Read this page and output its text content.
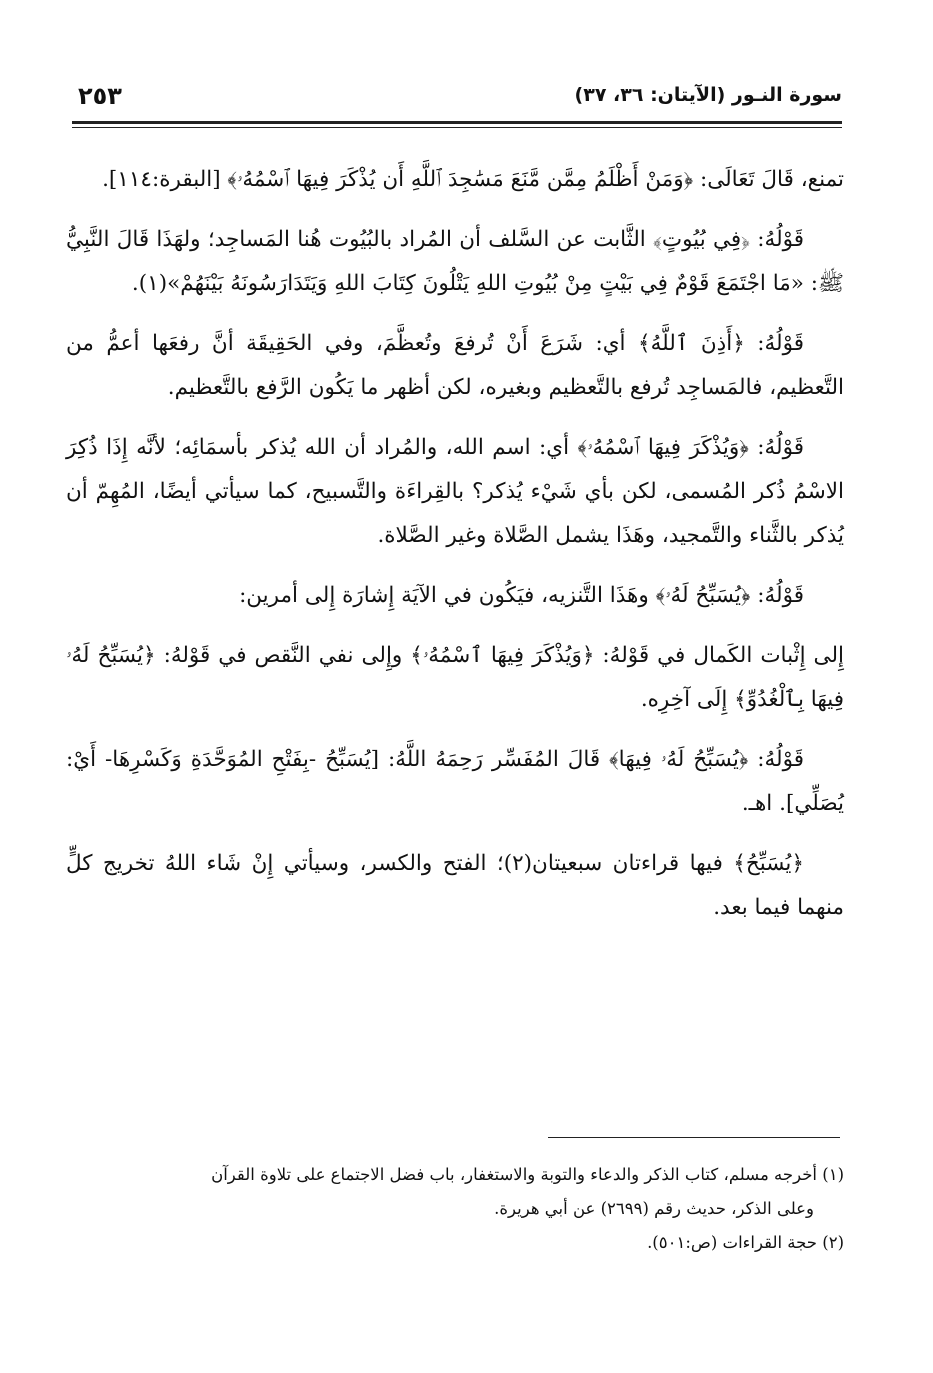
٢٥٣	سورة النـور (الآيتان: ٣٦، ٣٧)

تمنع، قَالَ تَعَالَى: ﴿وَمَنْ أَظْلَمُ مِمَّن مَّنَعَ مَسَٰجِدَ ٱللَّهِ أَن يُذْكَرَ فِيهَا ٱسْمُهُۥ﴾ [البقرة:١١٤].

قَوْلُهُ: ﴿فِي بُيُوتٍ﴾ الثَّابت عن السَّلف أن المُراد بالبُيُوت هُنا المَساجِد؛ ولهَذَا قَالَ النَّبِيُّ ﷺ: «مَا اجْتَمَعَ قَوْمٌ فِي بَيْتٍ مِنْ بُيُوتِ اللهِ يَتْلُونَ كِتَابَ اللهِ وَيَتَدَارَسُونَهُ بَيْنَهُمْ»(١).

قَوْلُهُ: ﴿أَذِنَ ٱللَّهُ﴾ أي: شَرَعَ أَنْ تُرفعَ وتُعظَّمَ، وفي الحَقِيقَة أنَّ رفعَها أعمُّ من التَّعظيم، فالمَساجِد تُرفع بالتَّعظيم وبغيره، لكن أظهر ما يَكُون الرَّفع بالتَّعظيم.

قَوْلُهُ: ﴿وَيُذْكَرَ فِيهَا ٱسْمُهُۥ﴾ أي: اسم الله، والمُراد أن الله يُذكر بأسمَائِه؛ لأنَّه إِذَا ذُكِرَ الاسْمُ ذُكر المُسمى، لكن بأي شَيْء يُذكر؟ بالقِراءَة والتَّسبيح، كما سيأتي أيضًا، المُهِمّ أن يُذكر بالثَّناء والتَّمجيد، وهَذَا يشمل الصَّلاة وغير الصَّلاة.

قَوْلُهُ: ﴿يُسَبِّحُ لَهُۥ﴾ وهَذَا التَّنزيه، فيَكُون في الآيَة إِشارَة إِلى أمرين:

إِلى إِثْبات الكَمال في قَوْلهُ: ﴿وَيُذْكَرَ فِيهَا ٱسْمُهُۥ﴾ وإِلى نفي النَّقص في قَوْلهُ: ﴿يُسَبِّحُ لَهُۥ فِيهَا بِٱلْغُدُوِّ﴾ إِلَى آخِرِه.

قَوْلُهُ: ﴿يُسَبِّحُ لَهُۥ فِيهَا﴾ قَالَ المُفَسِّر رَحِمَهُ اللَّهُ: [يُسَبِّحُ -بِفَتْحِ المُوَحَّدَةِ وَكَسْرِهَا- أَيْ: يُصَلِّي]. اهـ.

﴿يُسَبِّحُ﴾ فيها قراءتان سبعيتان(٢)؛ الفتح والكسر، وسيأتي إِنْ شَاء اللهُ تخريج كلٍّ منهما فيما بعد.

(١) أخرجه مسلم، كتاب الذكر والدعاء والتوبة والاستغفار، باب فضل الاجتماع على تلاوة القرآن

وعلى الذكر، حديث رقم (٢٦٩٩) عن أبي هريرة.

(٢) حجة القراءات (ص:٥٠١).
